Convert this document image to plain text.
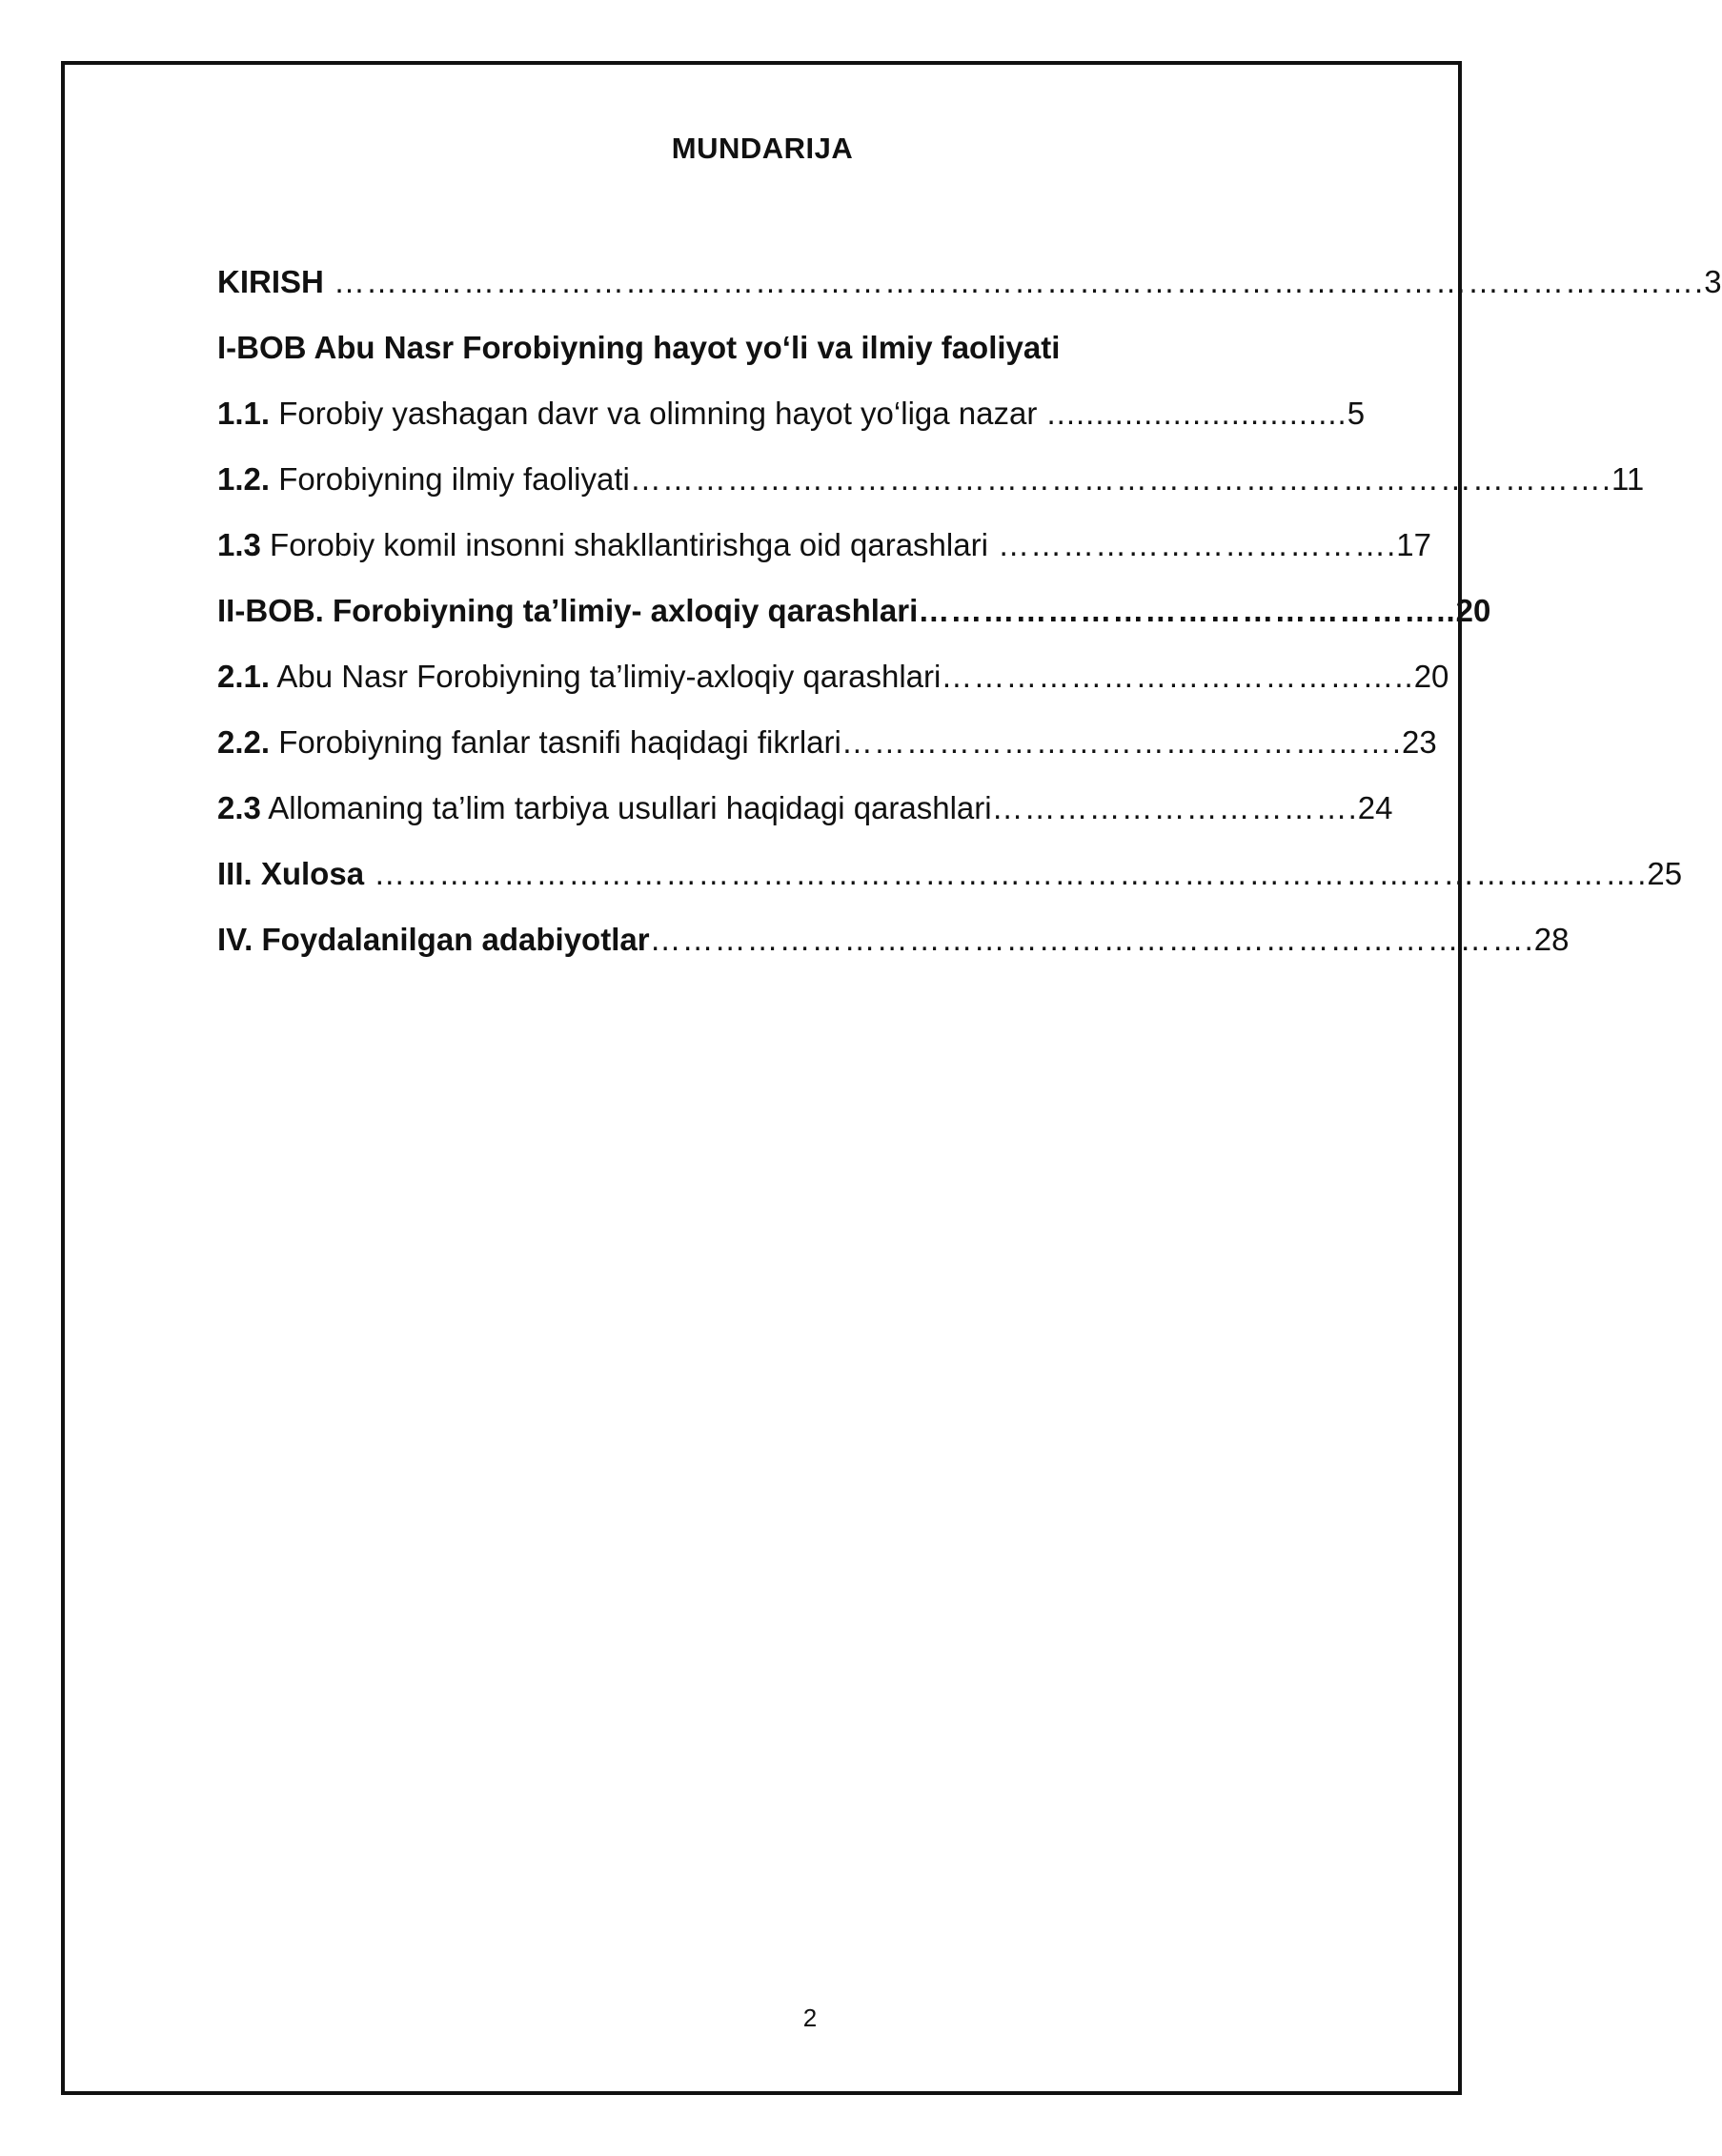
MUNDARIJA
KIRISH ……………………………………………………………………………………………………………….3
I-BOB Abu Nasr Forobiyning hayot yo‘li va ilmiy faoliyati
1.1. Forobiy yashagan davr va olimning hayot yo‘liga nazar ...............................5
1.2. Forobiyning ilmiy faoliyati……………………………………………………………………………….11
1.3 Forobiy komil insonni shakllantirishga oid qarashlari ……………………………….17
II-BOB. Forobiyning ta’limiy- axloqiy qarashlari…………………………………………..20
2.1. Abu Nasr Forobiyning ta’limiy-axloqiy qarashlari……………………………………..20
2.2. Forobiyning fanlar tasnifi haqidagi fikrlari…………………………………………….23
2.3 Allomaning ta’lim tarbiya usullari haqidagi qarashlari…………………………….24
III. Xulosa ……………………………………………………………………………………………………….25
IV. Foydalanilgan adabiyotlar……………………………………………………………………….28
2
